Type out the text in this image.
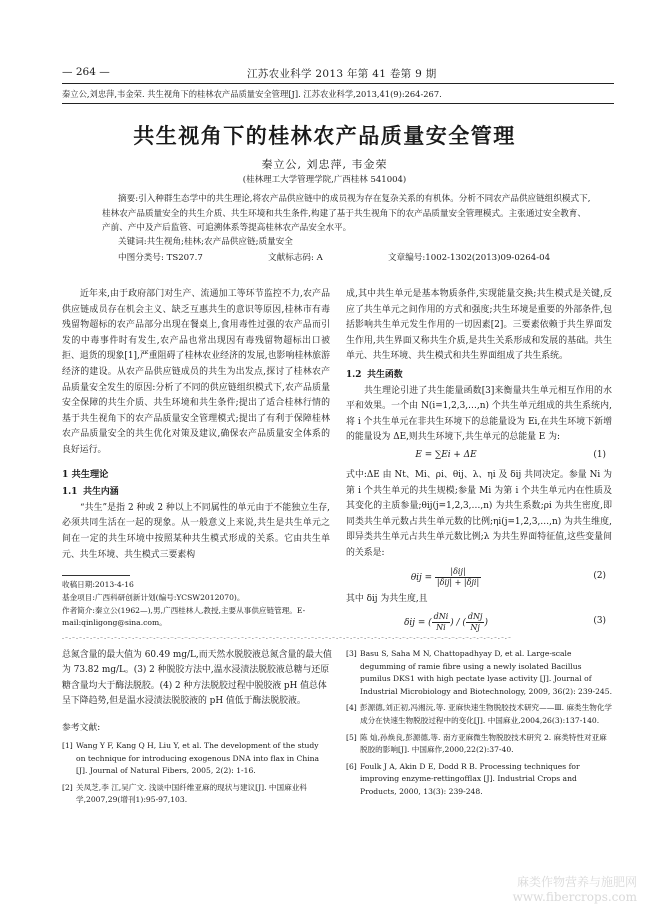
— 264 —	江苏农业科学 2013 年第 41 卷第 9 期
秦立公,刘忠萍,韦金荣. 共生视角下的桂林农产品质量安全管理[J]. 江苏农业科学,2013,41(9):264-267.
共生视角下的桂林农产品质量安全管理
秦立公, 刘忠萍, 韦金荣
(桂林理工大学管理学院,广西桂林 541004)

摘要:引入种群生态学中的共生理论,将农产品供应链中的成员视为存在复杂关系的有机体。分析不同农产品供应链组织模式下,桂林农产品质量安全的共生介质、共生环境和共生条件,构建了基于共生视角下的农产品质量安全管理模式。主张通过安全教育、产前、产中及产后监管、可追溯体系等提高桂林农产品安全水平。

关键词:共生视角;桂林;农产品供应链;质量安全
中图分类号: TS207.7	文献标志码: A	文章编号:1002-1302(2013)09-0264-04

近年来,由于政府部门对生产、流通加工等环节监控不力,农产品供应链成员存在机会主义、缺乏互惠共生的意识等原因,桂林市有毒残留物超标的农产品部分出现在餐桌上,食用毒性过强的农产品而引发的中毒事件时有发生,农产品也常出现因有毒残留物超标出口被拒、退货的现象[1],严重阻碍了桂林农业经济的发展,也影响桂林旅游经济的建设。从农产品供应链成员的共生为出发点,探讨了桂林农产品质量安全发生的原因:分析了不同的供应链组织模式下,农产品质量安全保障的共生介质、共生环境和共生条件;提出了适合桂林行情的基于共生视角下的农产品质量安全管理模式;提出了有利于保障桂林农产品质量安全的共生优化对策及建议,确保农产品质量安全体系的良好运行。

1 共生理论

1.1 共生内涵

“共生”是指 2 种或 2 种以上不同属性的单元由于不能独立生存,必须共同生活在一起的现象。从一般意义上来说,共生是共生单元之间在一定的共生环境中按照某种共生模式形成的关系。它由共生单元、共生环境、共生模式三要素构

收稿日期:2013-4-16
基金项目:广西科研创新计划(编号:YCSW2012070)。
作者简介:秦立公(1962—),男,广西桂林人,教授,主要从事供应链管理。E-mail:qinligong@sina.com。

成,其中共生单元是基本物质条件,实现能量交换;共生模式是关键,反应了共生单元之间作用的方式和强度;共生环境是重要的外部条件,包括影响共生单元发生作用的一切因素[2]。三要素依赖于共生界面发生作用,共生界面又称共生介质,是共生关系形成和发展的基础。共生单元、共生环境、共生模式和共生界面组成了共生系统。

1.2 共生函数

共生理论引进了共生能量函数[3]来衡量共生单元相互作用的水平和效果。一个由 N(i=1,2,3,…,n) 个共生单元组成的共生系统内,将 i 个共生单元在非共生环境下的总能量设为 Ei,在共生环境下新增的能量设为 ΔE,则共生环境下,共生单元的总能量 E 为:

E = ∑Ei + ΔE	(1)

式中:ΔE 由 Nt、Mi、ρi、θij、λ、ηi 及 δij 共同决定。参量 Ni 为第 i 个共生单元的共生规模;参量 Mi 为第 i 个共生单元内在性质及其变化的主质参量;θij(j=1,2,3,…,n) 为共生系数;ρi 为共生密度,即同类共生单元数占共生单元数的比例;ηi(j=1,2,3,…,n) 为共生维度,即异类共生单元占共生单元数比例;λ 为共生界面特征值,这些变量间的关系是:

$\theta ij = \frac{\text{|δij|}}{\text{|δij| + |δji|}}$	(2)

其中 δij 为共生度,且

δij = ( $\frac{\text{dNi}}{Ni}$ ) / ( $\frac{\text{dNj}}{Nj}$ )	(3)
-*-*-*-*-*-*-*-*-*-*-*-*-*-*-*-*-*-*-*-*-*-*-*-*-*-*-*-*-*-*-*-*-*-*-*-*-*-*-*-*-*-*-*-*-*-*-*-*-*-*-*-*-*-*-*-*-*-*-*-*-*-*-*-*

总氮含量的最大值为 60.49 mg/L,而天然水脱胶液总氮含量的最大值为 73.82 mg/L。(3) 2 种脱胶方法中,温水浸渍法脱胶液总糖与还原糖含量均大于酶法脱胶。(4) 2 种方法脱胶过程中脱胶液 pH 值总体呈下降趋势,但是温水浸渍法脱胶液的 pH 值低于酶法脱胶液。

参考文献:
[1] Wang Y F, Kang Q H, Liu Y, et al. The development of the study on technique for introducing exogenous DNA into flax in China [J]. Journal of Natural Fibers, 2005, 2(2): 1-16.
[2] 关凤芝,李 江,吴广文. 浅谈中国纤维亚麻的现状与建议[J]. 中国麻业科学,2007,29(增刊1):95-97,103.
[3] Basu S, Saha M N, Chattopadhyay D, et al. Large-scale degumming of ramie fibre using a newly isolated Bacillus pumilus DKS1 with high pectate lyase activity [J]. Journal of Industrial Microbiology and Biotechnology, 2009, 36(2): 239-245.
[4] 彭源德,刘正初,冯湘沅,等. 亚麻快速生物脱胶技术研究——Ⅲ. 麻类生物化学成分在快速生物脱胶过程中的变化[J]. 中国麻业,2004,26(3):137-140.
[5] 陈 灿,孙焕良,彭源德,等. 南方亚麻微生物脱胶技术研究 2. 麻类特性对亚麻脱胶的影响[J]. 中国麻作,2000,22(2):37-40.
[6] Foulk J A, Akin D E, Dodd R B. Processing techniques for improving enzyme-rettingofflax [J]. Industrial Crops and Products, 2000, 13(3): 239-248.
麻类作物营养与施肥网
www.fibercrops.com
